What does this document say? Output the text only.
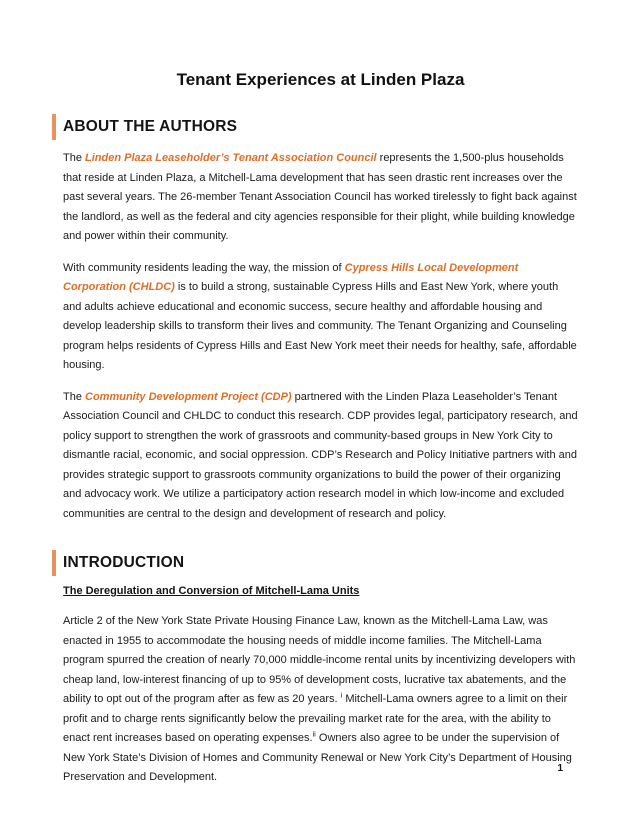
Tenant Experiences at Linden Plaza
ABOUT THE AUTHORS

The Linden Plaza Leaseholder’s Tenant Association Council represents the 1,500-plus households that reside at Linden Plaza, a Mitchell-Lama development that has seen drastic rent increases over the past several years. The 26-member Tenant Association Council has worked tirelessly to fight back against the landlord, as well as the federal and city agencies responsible for their plight, while building knowledge and power within their community.

With community residents leading the way, the mission of Cypress Hills Local Development Corporation (CHLDC) is to build a strong, sustainable Cypress Hills and East New York, where youth and adults achieve educational and economic success, secure healthy and affordable housing and develop leadership skills to transform their lives and community. The Tenant Organizing and Counseling program helps residents of Cypress Hills and East New York meet their needs for healthy, safe, affordable housing.

The Community Development Project (CDP) partnered with the Linden Plaza Leaseholder’s Tenant Association Council and CHLDC to conduct this research. CDP provides legal, participatory research, and policy support to strengthen the work of grassroots and community-based groups in New York City to dismantle racial, economic, and social oppression. CDP’s Research and Policy Initiative partners with and provides strategic support to grassroots community organizations to build the power of their organizing and advocacy work. We utilize a participatory action research model in which low-income and excluded communities are central to the design and development of research and policy.

INTRODUCTION
The Deregulation and Conversion of Mitchell-Lama Units

Article 2 of the New York State Private Housing Finance Law, known as the Mitchell-Lama Law, was enacted in 1955 to accommodate the housing needs of middle income families. The Mitchell-Lama program spurred the creation of nearly 70,000 middle-income rental units by incentivizing developers with cheap land, low-interest financing of up to 95% of development costs, lucrative tax abatements, and the ability to opt out of the program after as few as 20 years. $^i$ Mitchell-Lama owners agree to a limit on their profit and to charge rents significantly below the prevailing market rate for the area, with the ability to enact rent increases based on operating expenses.$^{ii}$ Owners also agree to be under the supervision of New York State’s Division of Homes and Community Renewal or New York City’s Department of Housing Preservation and Development.

1
